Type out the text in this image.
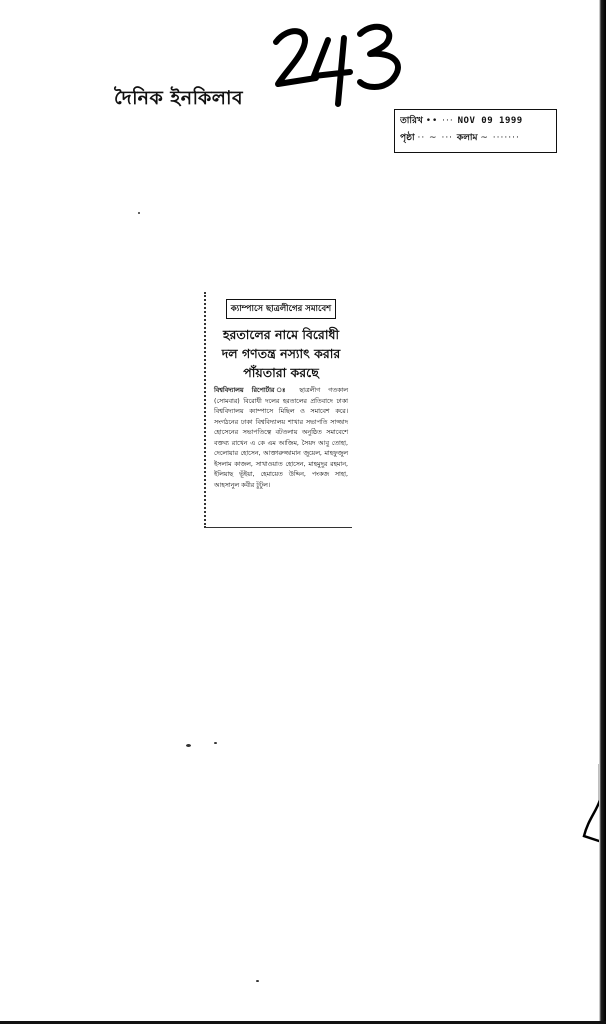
দৈনিক ইনকিলাব
তারিখ •• ··· NOV 09 1999
পৃষ্ঠা ·· ~ ··· কলাম ~ ·······
ক্যাম্পাসে ছাত্রলীগের সমাবেশ
হরতালের নামে বিরোধী
দল গণতন্ত্র নস্যাৎ করার
পাঁয়তারা করছে
বিশ্ববিদ্যালয় রিপোর্টার ঃ ছাত্রলীগ গতকাল (সোমবার) বিরোধী দলের হরতালের প্রতিবাদে ঢাকা বিশ্ববিদ্যালয় ক্যাম্পাসে মিছিল ও সমাবেশ করে। সংগঠনের ঢাকা বিশ্ববিদ্যালয় শাখার সভাপতি সাজ্জাদ হোসেনের সভাপতিত্বে বটতলায় অনুষ্ঠিত সমাবেশে বক্তব্য রাখেন এ কে এম আজিম, সৈয়দ আবু তোহা, দেলোয়ার হোসেন, আক্তারুজ্জামান জুয়েল, মাহফুজুল ইসলাম কাজল, সাখাওয়াত হোসেন, মাহমুদুর রহমান, ইলিয়াছ ভূঁইয়া, হেমায়েত উদ্দিন, পংকজ সাহা, আহসানুল কবীর টুটুল।
